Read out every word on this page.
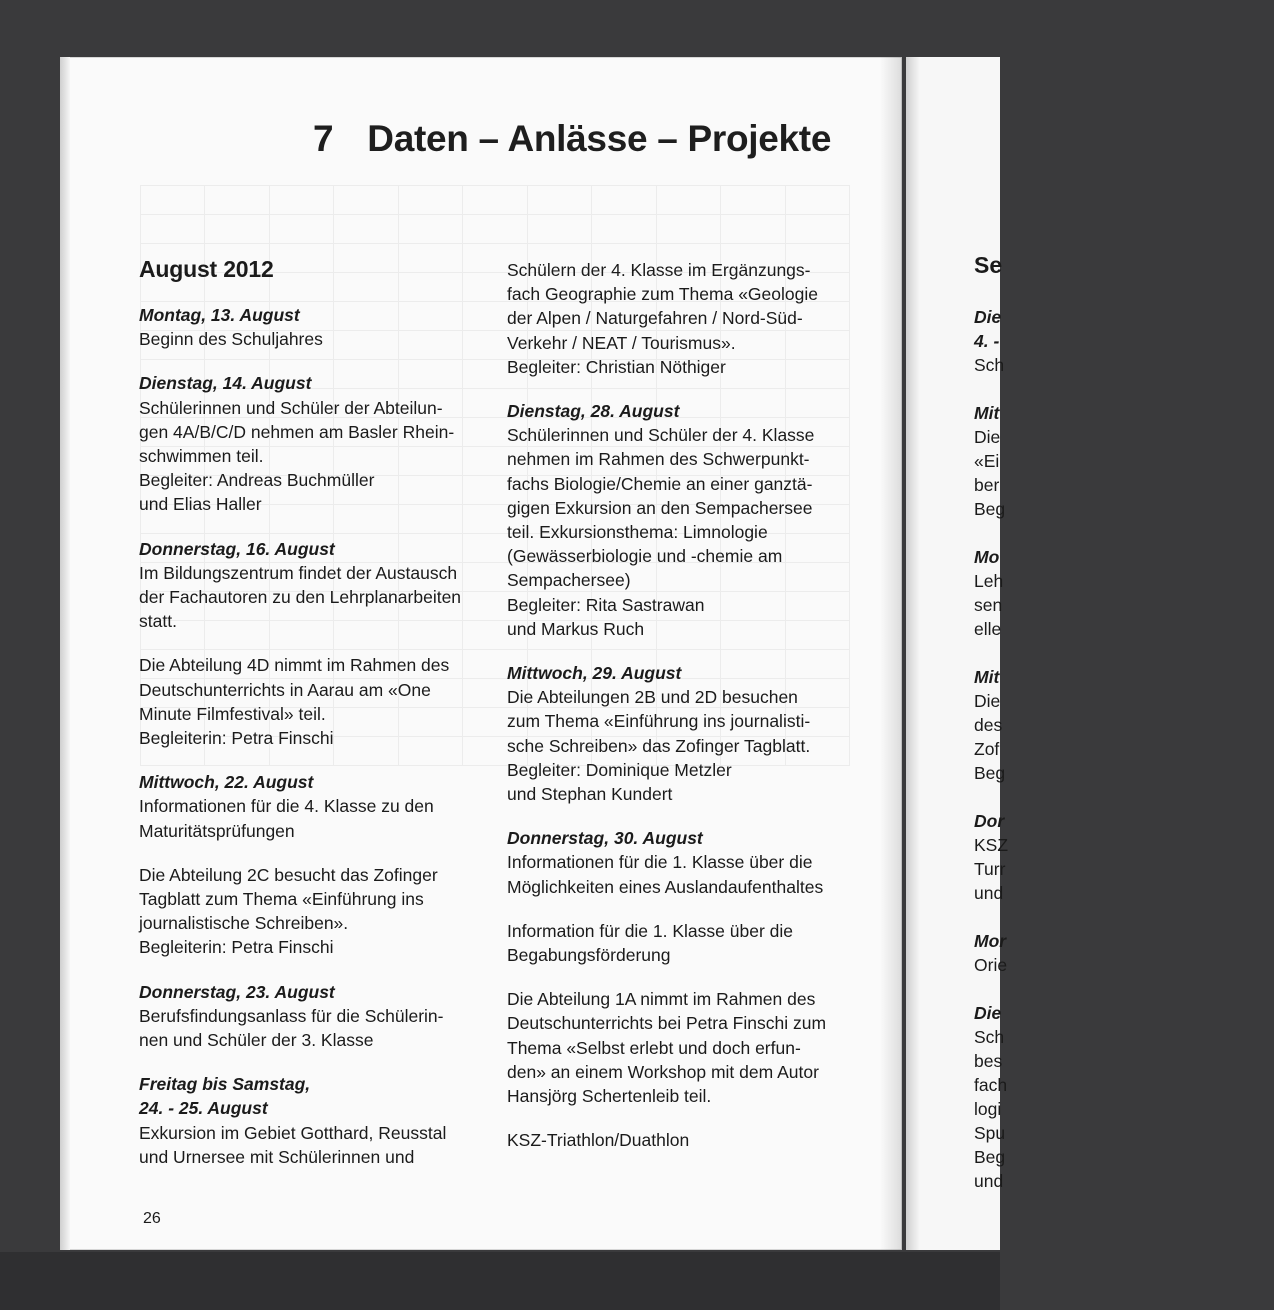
7 Daten – Anlässe – Projekte
August 2012
Montag, 13. August
Beginn des Schuljahres
Dienstag, 14. August
Schülerinnen und Schüler der Abteilun-
gen 4A/B/C/D nehmen am Basler Rhein-
schwimmen teil.
Begleiter: Andreas Buchmüller
und Elias Haller
Donnerstag, 16. August
Im Bildungszentrum findet der Austausch
der Fachautoren zu den Lehrplanarbeiten
statt.
Die Abteilung 4D nimmt im Rahmen des
Deutschunterrichts in Aarau am «One
Minute Filmfestival» teil.
Begleiterin: Petra Finschi
Mittwoch, 22. August
Informationen für die 4. Klasse zu den
Maturitätsprüfungen
Die Abteilung 2C besucht das Zofinger
Tagblatt zum Thema «Einführung ins
journalistische Schreiben».
Begleiterin: Petra Finschi
Donnerstag, 23. August
Berufsfindungsanlass für die Schülerin-
nen und Schüler der 3. Klasse
Freitag bis Samstag,
24. - 25. August
Exkursion im Gebiet Gotthard, Reusstal
und Urnersee mit Schülerinnen und
Schülern der 4. Klasse im Ergänzungs-
fach Geographie zum Thema «Geologie
der Alpen / Naturgefahren / Nord-Süd-
Verkehr / NEAT / Tourismus».
Begleiter: Christian Nöthiger
Dienstag, 28. August
Schülerinnen und Schüler der 4. Klasse
nehmen im Rahmen des Schwerpunkt-
fachs Biologie/Chemie an einer ganztä-
gigen Exkursion an den Sempachersee
teil. Exkursionsthema: Limnologie
(Gewässerbiologie und -chemie am
Sempachersee)
Begleiter: Rita Sastrawan
und Markus Ruch
Mittwoch, 29. August
Die Abteilungen 2B und 2D besuchen
zum Thema «Einführung ins journalisti-
sche Schreiben» das Zofinger Tagblatt.
Begleiter: Dominique Metzler
und Stephan Kundert
Donnerstag, 30. August
Informationen für die 1. Klasse über die
Möglichkeiten eines Auslandaufenthaltes
Information für die 1. Klasse über die
Begabungsförderung
Die Abteilung 1A nimmt im Rahmen des
Deutschunterrichts bei Petra Finschi zum
Thema «Selbst erlebt und doch erfun-
den» an einem Workshop mit dem Autor
Hansjörg Schertenleib teil.
KSZ-Triathlon/Duathlon
26
Se
Die
4. -
Sch
Mit
Die
«Ei
ber
Beg
Mo
Leh
sen
elle
Mit
Die
des
Zof
Beg
Dor
KSZ
Turr
und
Mor
Orie
Die
Sch
bes
fach
logi
Spu
Beg
und
